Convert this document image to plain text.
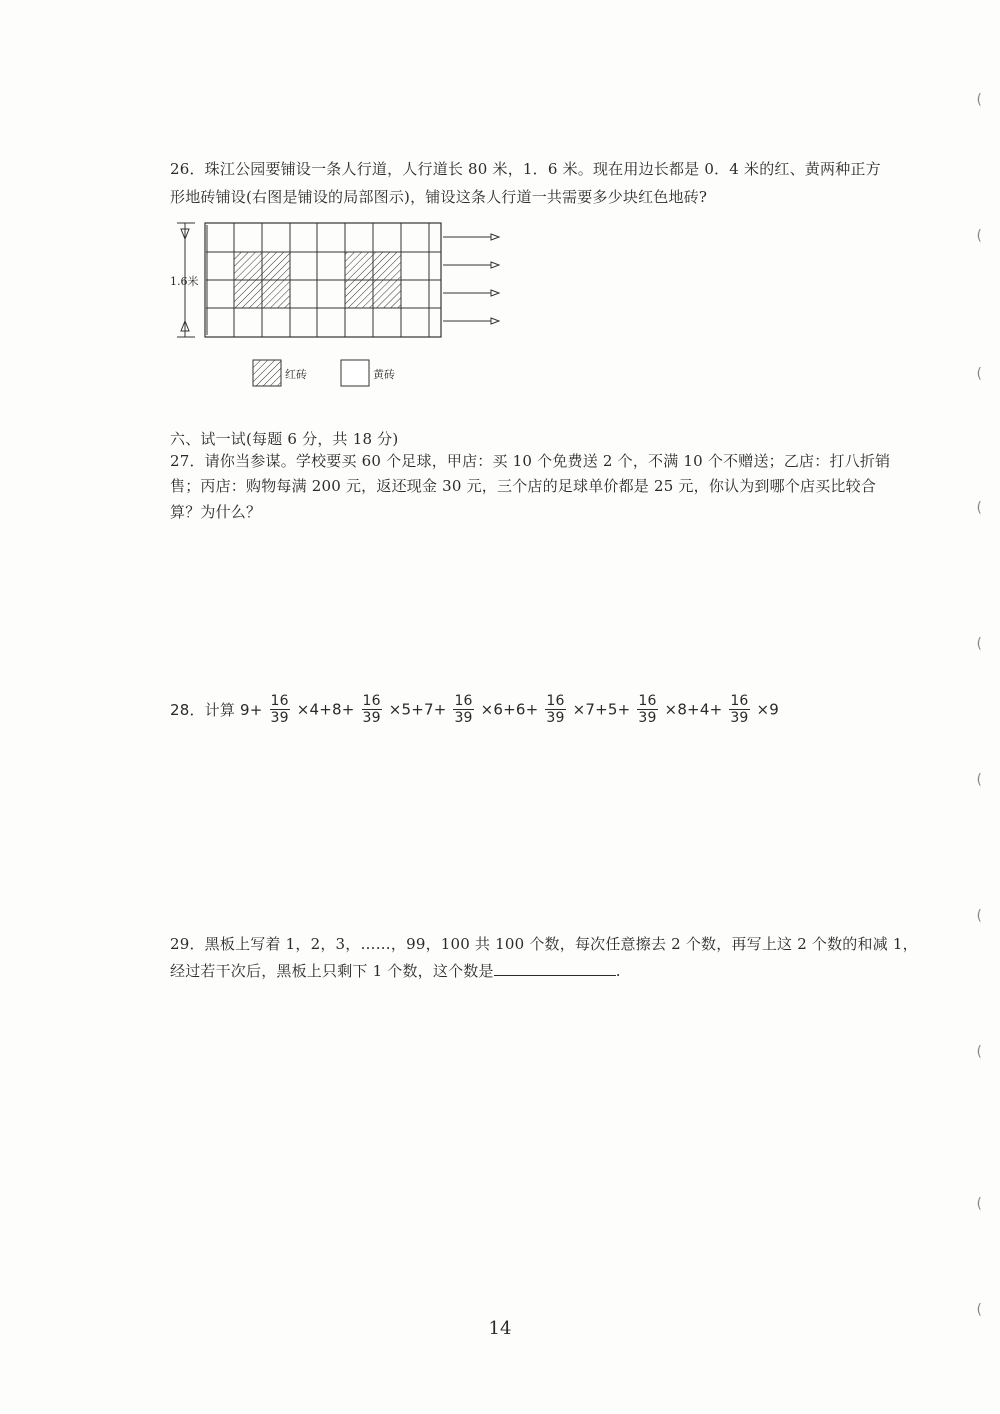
(
(
(
(
(
(
(
(
(
(
26．珠江公园要铺设一条人行道，人行道长 80 米，1．6 米。现在用边长都是 0．4 米的红、黄两种正方
形地砖铺设(右图是铺设的局部图示)，铺设这条人行道一共需要多少块红色地砖?
1.6米
红砖	黄砖
六、试一试(每题 6 分，共 18 分)
27．请你当参谋。学校要买 60 个足球，甲店：买 10 个免费送 2 个，不满 10 个不赠送；乙店：打八折销
售；丙店：购物每满 200 元，返还现金 30 元，三个店的足球单价都是 25 元，你认为到哪个店买比较合
算？为什么？
28．计算 $9+ \frac{16}{39} \times 4+8+ \frac{16}{39} \times 5+7+ \frac{16}{39} \times 6+6+ \frac{16}{39} \times 7+5+ \frac{16}{39} \times 8+4+ \frac{16}{39} \times 9$
29．黑板上写着 1，2，3，……，99，100 共 100 个数，每次任意擦去 2 个数，再写上这 2 个数的和减 1，
经过若干次后，黑板上只剩下 1 个数，这个数是	.
14
